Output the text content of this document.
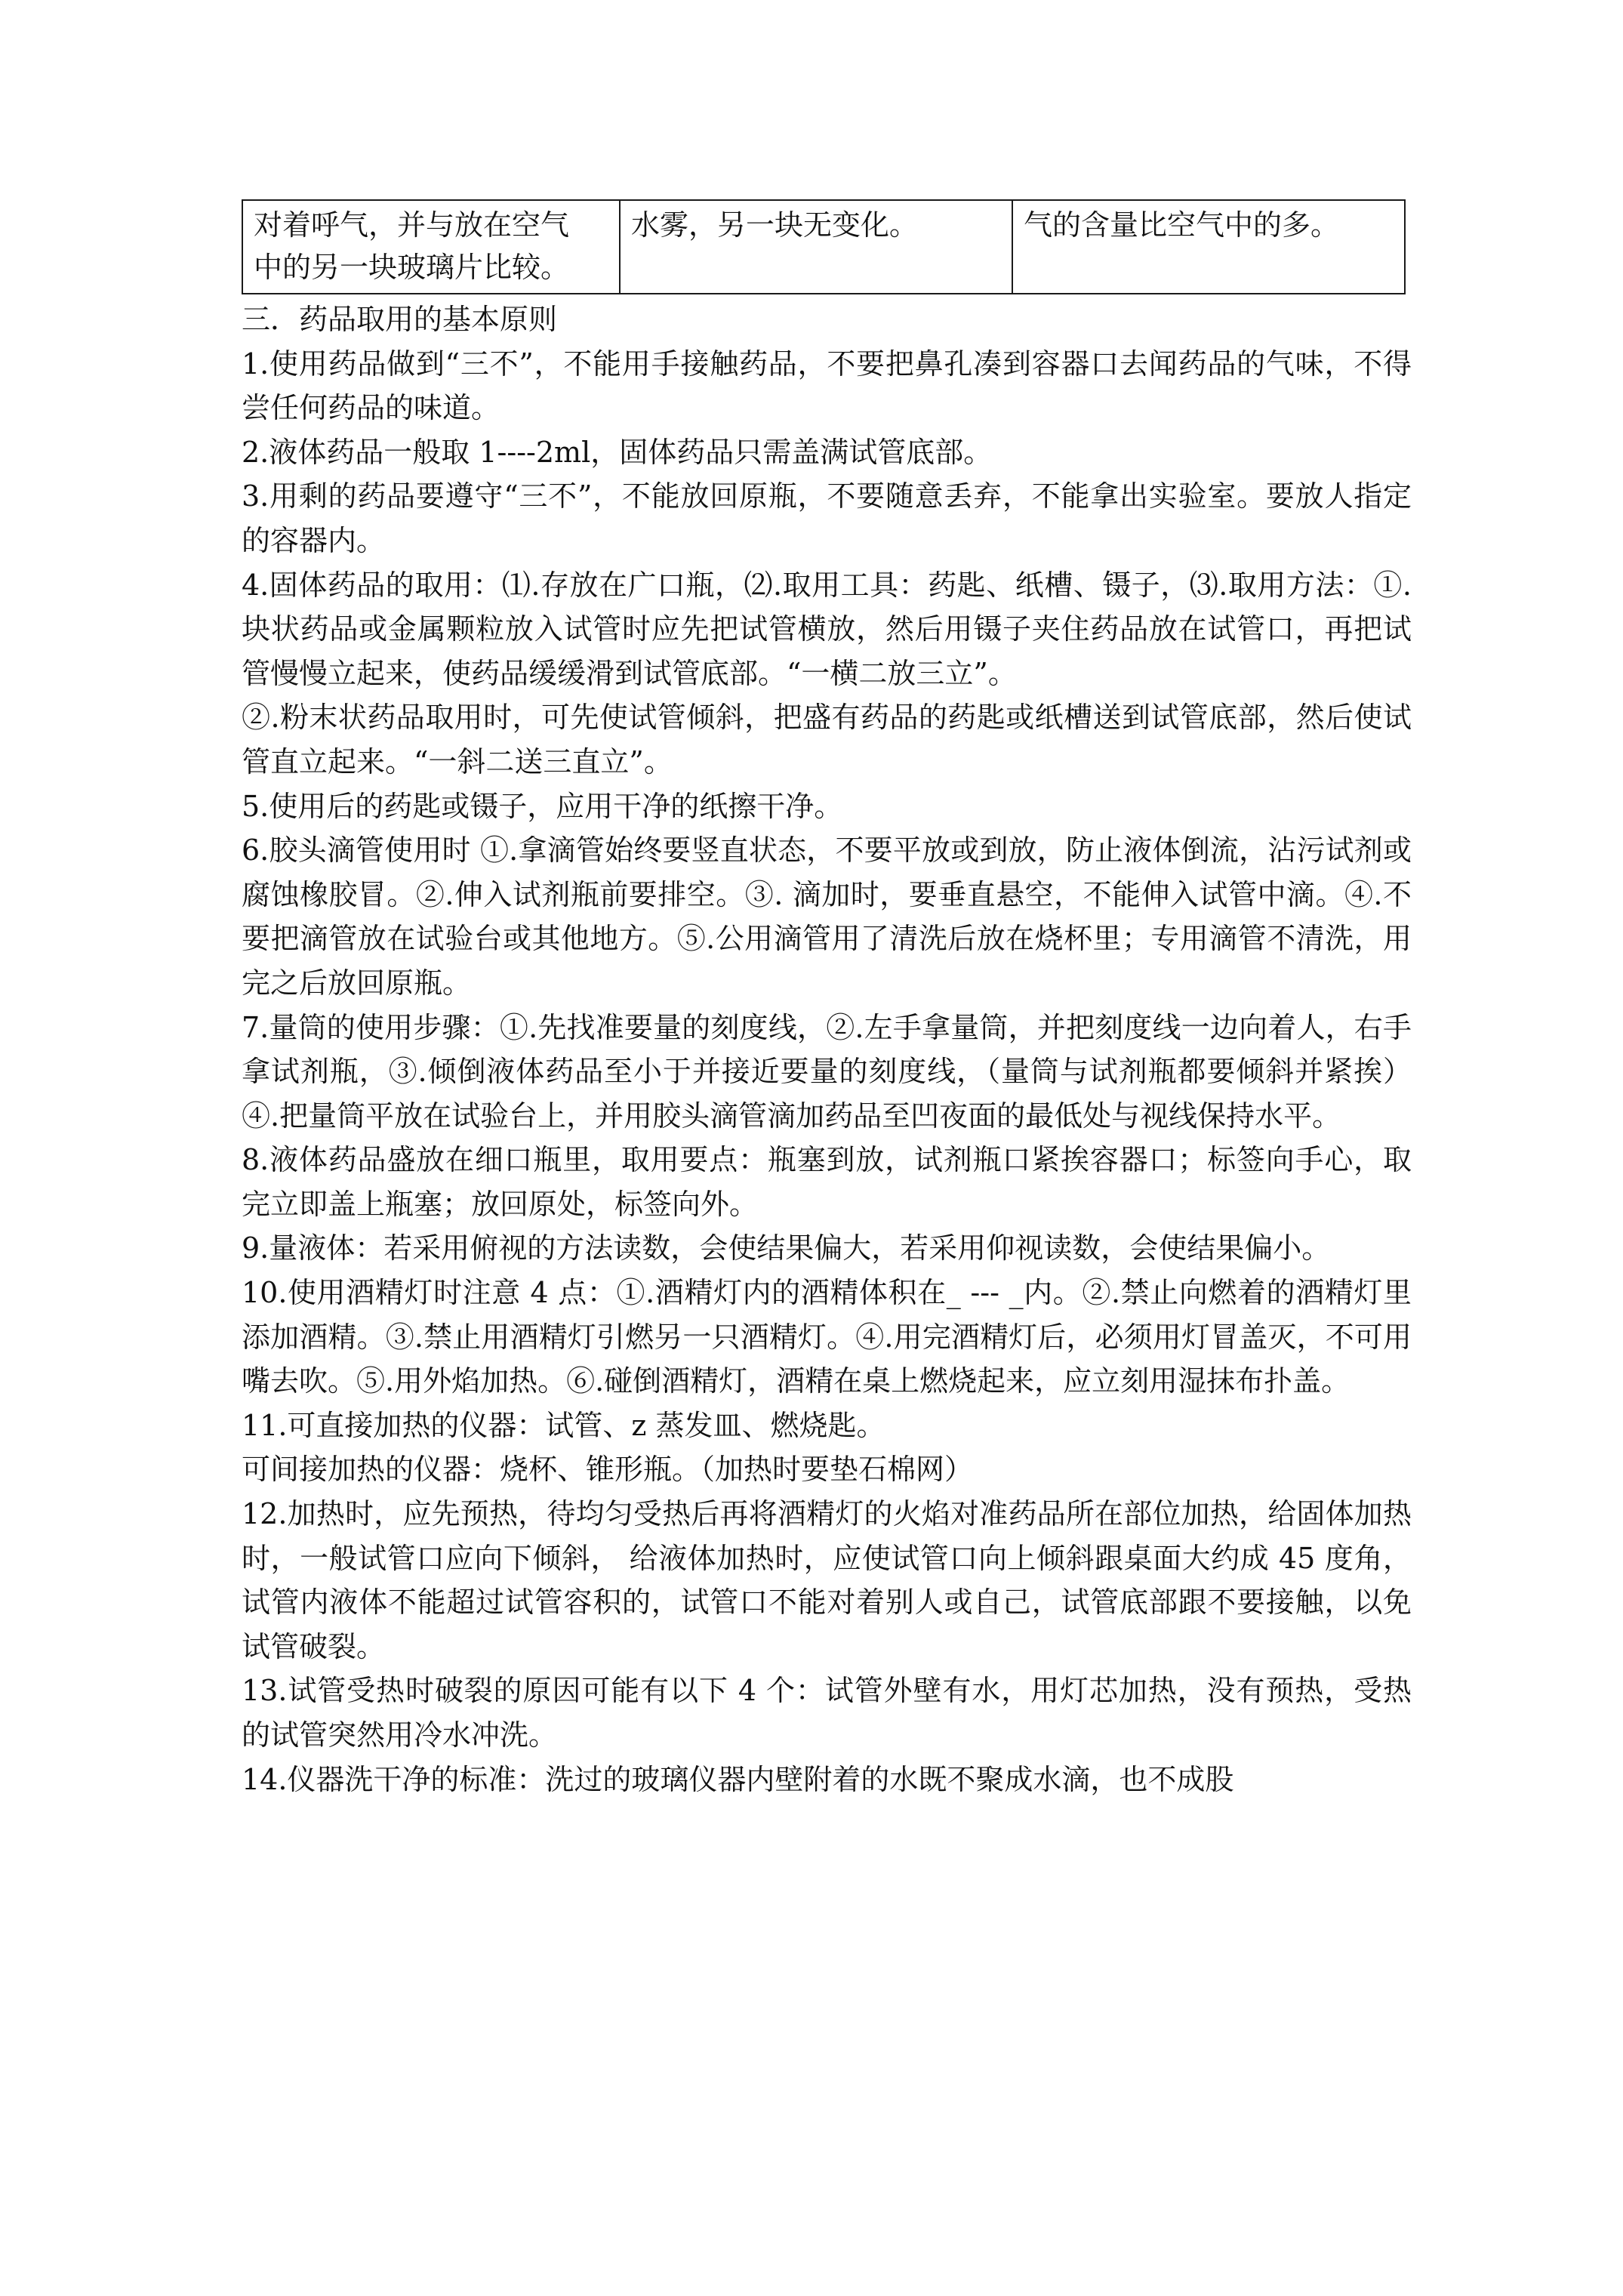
对着呼气，并与放在空气
中的另一块玻璃片比较。	水雾，另一块无变化。	气的含量比空气中的多。

三．药品取用的基本原则

1.使用药品做到“三不”，不能用手接触药品，不要把鼻孔凑到容器口去闻药品的气味，不得尝任何药品的味道。

2.液体药品一般取 1----2ml，固体药品只需盖满试管底部。

3.用剩的药品要遵守“三不”，不能放回原瓶，不要随意丢弃，不能拿出实验室。要放人指定的容器内。

4.固体药品的取用：⑴.存放在广口瓶，⑵.取用工具：药匙、纸槽、镊子，⑶.取用方法：①.块状药品或金属颗粒放入试管时应先把试管横放，然后用镊子夹住药品放在试管口，再把试管慢慢立起来，使药品缓缓滑到试管底部。“一横二放三立”。

②.粉末状药品取用时，可先使试管倾斜，把盛有药品的药匙或纸槽送到试管底部，然后使试管直立起来。“一斜二送三直立”。

5.使用后的药匙或镊子，应用干净的纸擦干净。

6.胶头滴管使用时 ①.拿滴管始终要竖直状态，不要平放或到放，防止液体倒流，沾污试剂或腐蚀橡胶冒。②.伸入试剂瓶前要排空。③. 滴加时，要垂直悬空，不能伸入试管中滴。④.不要把滴管放在试验台或其他地方。⑤.公用滴管用了清洗后放在烧杯里；专用滴管不清洗，用完之后放回原瓶。

7.量筒的使用步骤：①.先找准要量的刻度线，②.左手拿量筒，并把刻度线一边向着人，右手拿试剂瓶，③.倾倒液体药品至小于并接近要量的刻度线，（量筒与试剂瓶都要倾斜并紧挨）④.把量筒平放在试验台上，并用胶头滴管滴加药品至凹夜面的最低处与视线保持水平。

8.液体药品盛放在细口瓶里，取用要点：瓶塞到放，试剂瓶口紧挨容器口；标签向手心，取完立即盖上瓶塞；放回原处，标签向外。

9.量液体：若采用俯视的方法读数，会使结果偏大，若采用仰视读数，会使结果偏小。

10.使用酒精灯时注意 4 点：①.酒精灯内的酒精体积在_ --- _内。②.禁止向燃着的酒精灯里添加酒精。③.禁止用酒精灯引燃另一只酒精灯。④.用完酒精灯后，必须用灯冒盖灭，不可用嘴去吹。⑤.用外焰加热。⑥.碰倒酒精灯，酒精在桌上燃烧起来，应立刻用湿抹布扑盖。

11.可直接加热的仪器：试管、z 蒸发皿、燃烧匙。

可间接加热的仪器：烧杯、锥形瓶。（加热时要垫石棉网）

12.加热时，应先预热，待均匀受热后再将酒精灯的火焰对准药品所在部位加热，给固体加热时，一般试管口应向下倾斜， 给液体加热时，应使试管口向上倾斜跟桌面大约成 45 度角，试管内液体不能超过试管容积的，试管口不能对着别人或自己，试管底部跟不要接触，以免试管破裂。

13.试管受热时破裂的原因可能有以下 4 个：试管外壁有水，用灯芯加热，没有预热，受热的试管突然用冷水冲洗。

14.仪器洗干净的标准：洗过的玻璃仪器内壁附着的水既不聚成水滴，也不成股
